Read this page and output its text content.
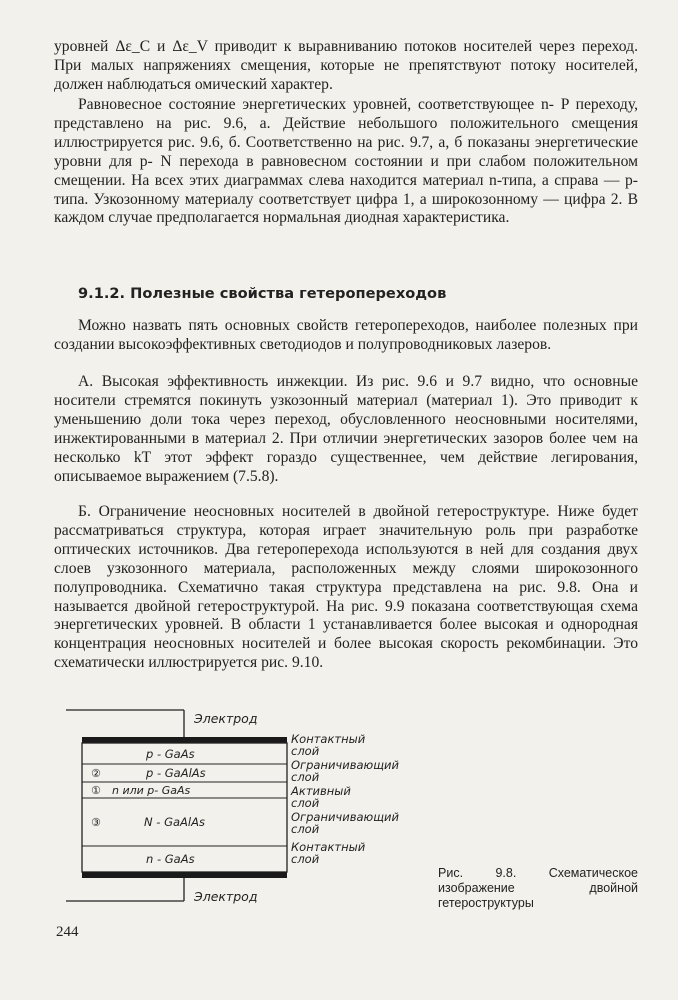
уровней Δε_C и Δε_V приводит к выравниванию потоков носителей через переход. При малых напряжениях смещения, которые не препятствуют потоку носителей, должен наблюдаться омический характер.

Равновесное состояние энергетических уровней, соответствующее n- P переходу, представлено на рис. 9.6, а. Действие небольшого положительного смещения иллюстрируется рис. 9.6, б. Соответственно на рис. 9.7, а, б показаны энергетические уровни для p- N перехода в равновесном состоянии и при слабом положительном смещении. На всех этих диаграммах слева находится материал n-типа, а справа — p-типа. Узкозонному материалу соответствует цифра 1, а широкозонному — цифра 2. В каждом случае предполагается нормальная диодная характеристика.

9.1.2. Полезные свойства гетеропереходов

Можно назвать пять основных свойств гетеропереходов, наиболее полезных при создании высокоэффективных светодиодов и полупроводниковых лазеров.

А. Высокая эффективность инжекции. Из рис. 9.6 и 9.7 видно, что основные носители стремятся покинуть узкозонный материал (материал 1). Это приводит к уменьшению доли тока через переход, обусловленного неосновными носителями, инжектированными в материал 2. При отличии энергетических зазоров более чем на несколько kT этот эффект гораздо существеннее, чем действие легирования, описываемое выражением (7.5.8).

Б. Ограничение неосновных носителей в двойной гетероструктуре. Ниже будет рассматриваться структура, которая играет значительную роль при разработке оптических источников. Два гетероперехода используются в ней для создания двух слоев узкозонного материала, расположенных между слоями широкозонного полупроводника. Схематично такая структура представлена на рис. 9.8. Она и называется двойной гетероструктурой. На рис. 9.9 показана соответствующая схема энергетических уровней. В области 1 устанавливается более высокая и однородная концентрация неосновных носителей и более высокая скорость рекомбинации. Это схематически иллюстрируется рис. 9.10.

Электрод
p - GaAs
②	p - GaAlAs
① n или p- GaAs
③	N - GaAlAs
n - GaAs
Электрод
Контактный
слой
Ограничивающий
слой
Активный
слой
Ограничивающий
слой
Контактный
слой
Рис. 9.8. Схематическое изображение двойной гетероструктуры
244
